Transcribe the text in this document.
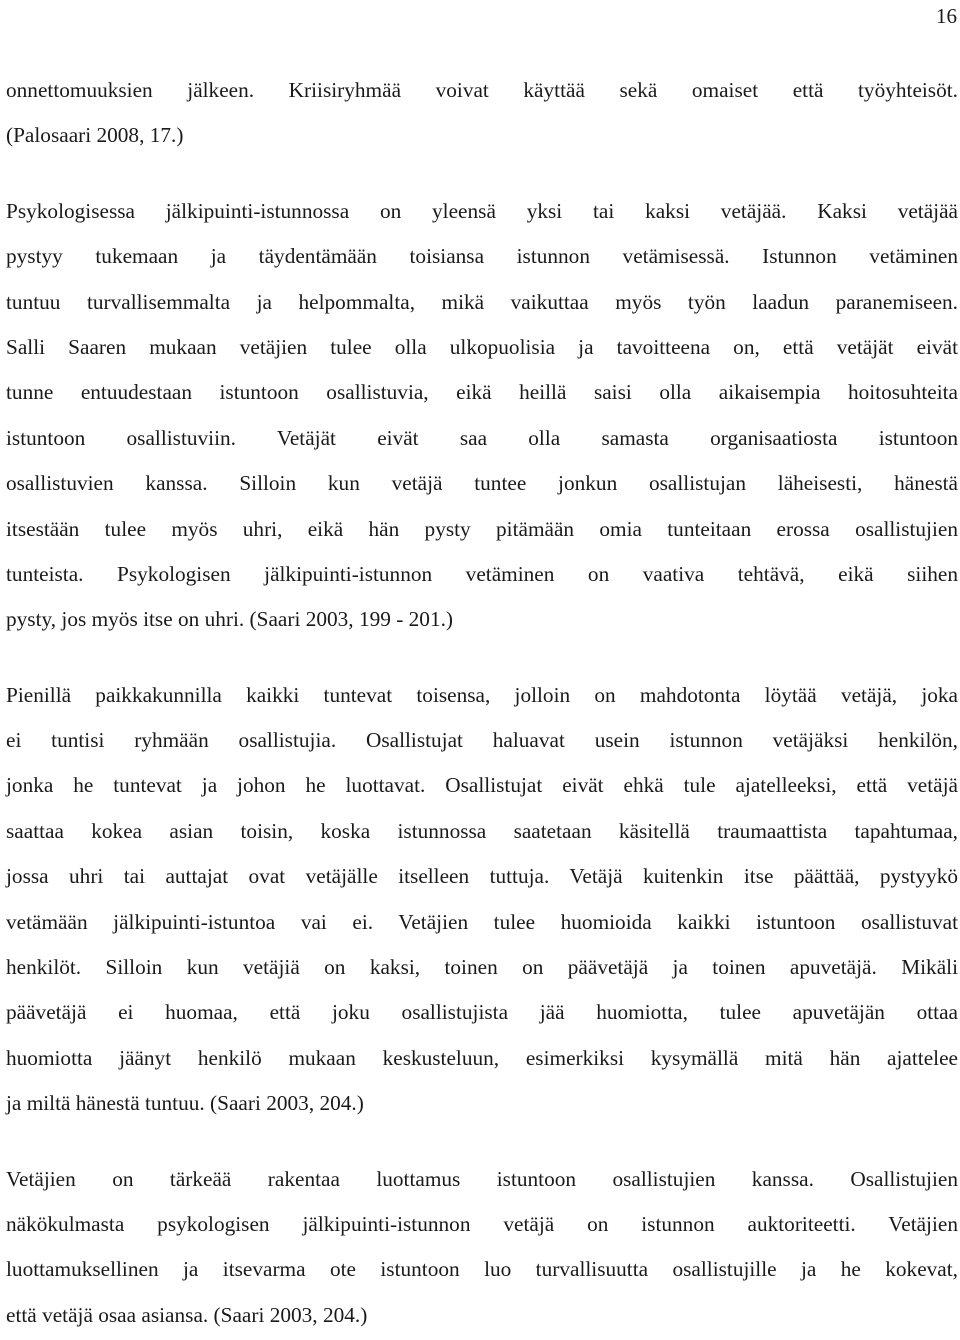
16
onnettomuuksien jälkeen. Kriisiryhmää voivat käyttää sekä omaiset että työyhteisöt.
(Palosaari 2008, 17.)
Psykologisessa jälkipuinti-istunnossa on yleensä yksi tai kaksi vetäjää. Kaksi vetäjää
pystyy tukemaan ja täydentämään toisiansa istunnon vetämisessä. Istunnon vetäminen
tuntuu turvallisemmalta ja helpommalta, mikä vaikuttaa myös työn laadun paranemiseen.
Salli Saaren mukaan vetäjien tulee olla ulkopuolisia ja tavoitteena on, että vetäjät eivät
tunne entuudestaan istuntoon osallistuvia, eikä heillä saisi olla aikaisempia hoitosuhteita
istuntoon osallistuviin. Vetäjät eivät saa olla samasta organisaatiosta istuntoon
osallistuvien kanssa. Silloin kun vetäjä tuntee jonkun osallistujan läheisesti, hänestä
itsestään tulee myös uhri, eikä hän pysty pitämään omia tunteitaan erossa osallistujien
tunteista. Psykologisen jälkipuinti-istunnon vetäminen on vaativa tehtävä, eikä siihen
pysty, jos myös itse on uhri. (Saari 2003, 199 - 201.)
Pienillä paikkakunnilla kaikki tuntevat toisensa, jolloin on mahdotonta löytää vetäjä, joka
ei tuntisi ryhmään osallistujia. Osallistujat haluavat usein istunnon vetäjäksi henkilön,
jonka he tuntevat ja johon he luottavat. Osallistujat eivät ehkä tule ajatelleeksi, että vetäjä
saattaa kokea asian toisin, koska istunnossa saatetaan käsitellä traumaattista tapahtumaa,
jossa uhri tai auttajat ovat vetäjälle itselleen tuttuja. Vetäjä kuitenkin itse päättää, pystyykö
vetämään jälkipuinti-istuntoa vai ei. Vetäjien tulee huomioida kaikki istuntoon osallistuvat
henkilöt. Silloin kun vetäjiä on kaksi, toinen on päävetäjä ja toinen apuvetäjä. Mikäli
päävetäjä ei huomaa, että joku osallistujista jää huomiotta, tulee apuvetäjän ottaa
huomiotta jäänyt henkilö mukaan keskusteluun, esimerkiksi kysymällä mitä hän ajattelee
ja miltä hänestä tuntuu. (Saari 2003, 204.)
Vetäjien on tärkeää rakentaa luottamus istuntoon osallistujien kanssa. Osallistujien
näkökulmasta psykologisen jälkipuinti-istunnon vetäjä on istunnon auktoriteetti. Vetäjien
luottamuksellinen ja itsevarma ote istuntoon luo turvallisuutta osallistujille ja he kokevat,
että vetäjä osaa asiansa. (Saari 2003, 204.)
